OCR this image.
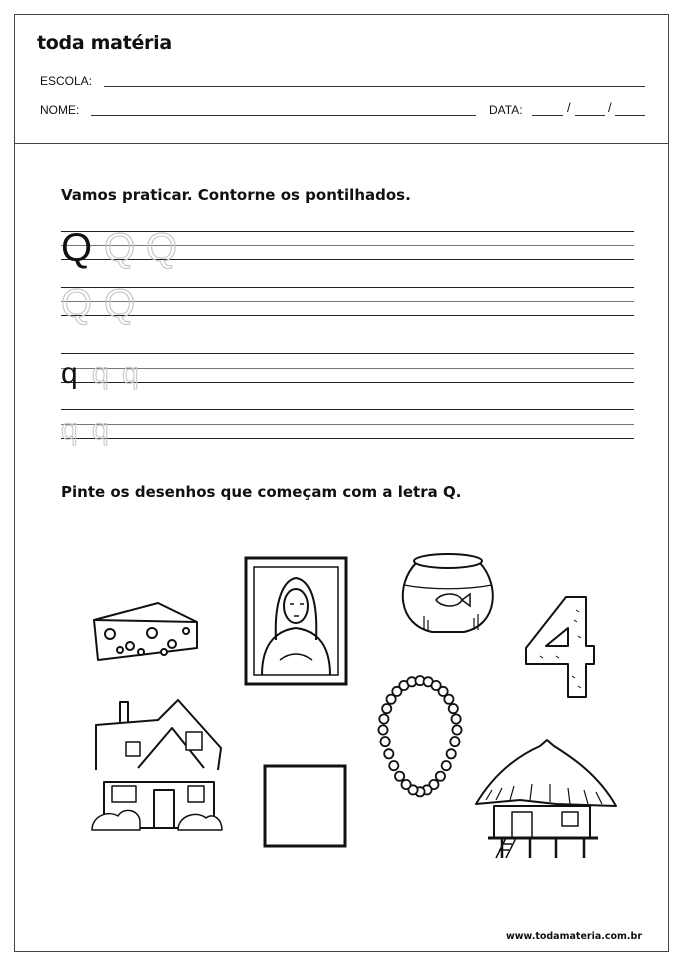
toda matéria
ESCOLA:
NOME:	DATA:	/	/
Vamos praticar. Contorne os pontilhados.
Q Q Q
Q Q
q q q
q q
Pinte os desenhos que começam com a letra Q.
www.todamateria.com.br
